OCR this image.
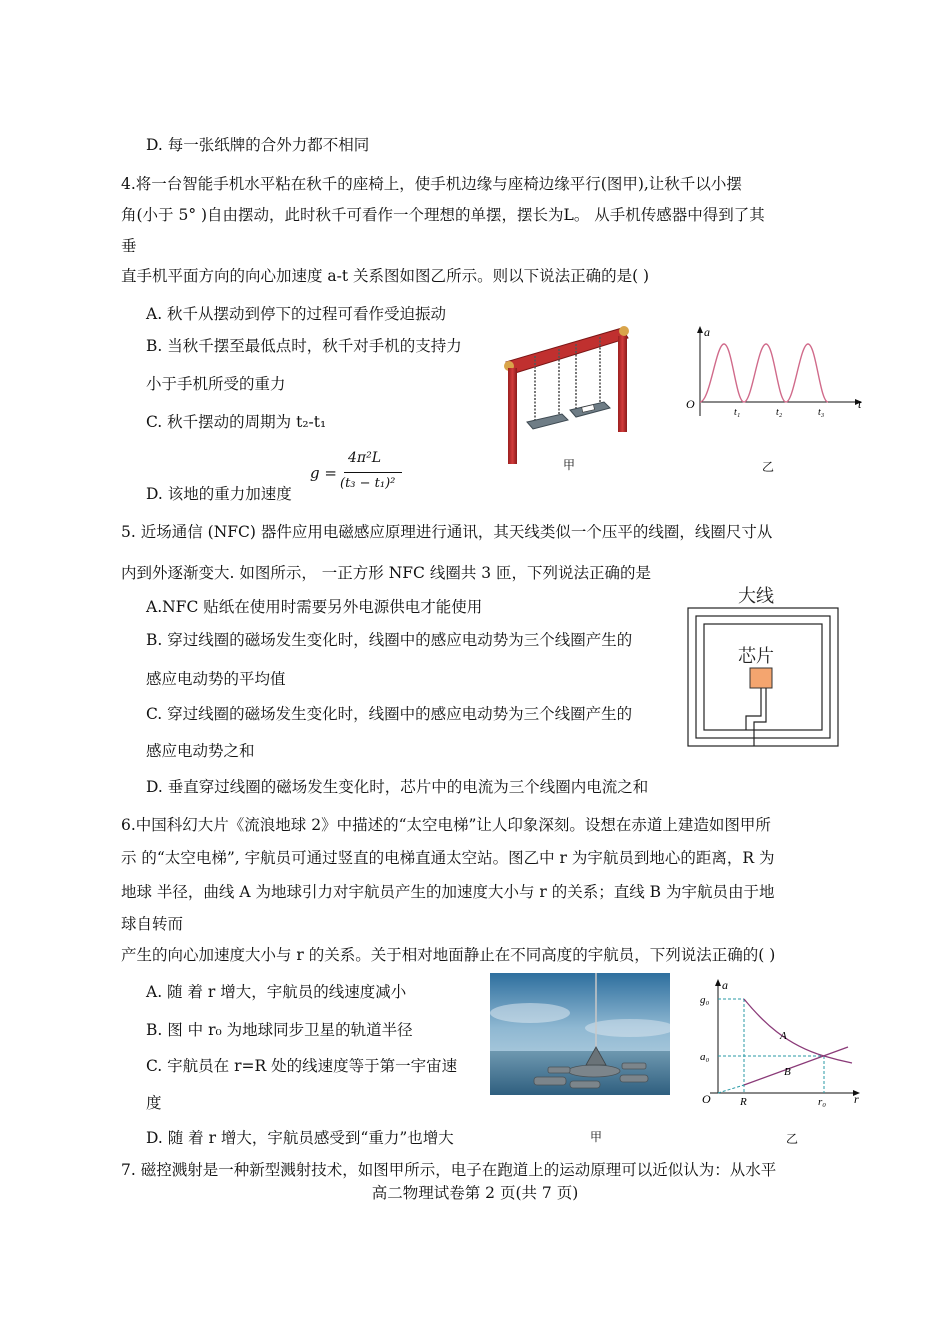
D. 每一张纸牌的合外力都不相同
4.将一台智能手机水平粘在秋千的座椅上，使手机边缘与座椅边缘平行(图甲),让秋千以小摆
角(小于 5° )自由摆动，此时秋千可看作一个理想的单摆，摆长为L。 从手机传感器中得到了其
垂
直手机平面方向的向心加速度 a-t 关系图如图乙所示。则以下说法正确的是( )
A. 秋千从摆动到停下的过程可看作受迫振动
B. 当秋千摆至最低点时，秋千对手机的支持力
小于手机所受的重力
C. 秋千摆动的周期为 t₂-t₁
D. 该地的重力加速度
g =
4π²L
(t₃ − t₁)²
甲
a
t
O
t₁	t₂	t₃
乙
5. 近场通信 (NFC) 器件应用电磁感应原理进行通讯，其天线类似一个压平的线圈，线圈尺寸从
内到外逐渐变大. 如图所示， 一正方形 NFC 线圈共 3 匝，下列说法正确的是
A.NFC 贴纸在使用时需要另外电源供电才能使用
B. 穿过线圈的磁场发生变化时，线圈中的感应电动势为三个线圈产生的
感应电动势的平均值
C. 穿过线圈的磁场发生变化时，线圈中的感应电动势为三个线圈产生的
感应电动势之和
D. 垂直穿过线圈的磁场发生变化时，芯片中的电流为三个线圈内电流之和
大线
芯片
6.中国科幻大片《流浪地球 2》中描述的“太空电梯”让人印象深刻。设想在赤道上建造如图甲所
示 的“太空电梯”, 宇航员可通过竖直的电梯直通太空站。图乙中 r 为宇航员到地心的距离，R 为
地球 半径，曲线 A 为地球引力对宇航员产生的加速度大小与 r 的关系；直线 B 为宇航员由于地
球自转而
产生的向心加速度大小与 r 的关系。关于相对地面静止在不同高度的宇航员，下列说法正确的( )
A. 随 着 r 增大，宇航员的线速度减小
B. 图 中 r₀ 为地球同步卫星的轨道半径
C. 宇航员在 r=R 处的线速度等于第一宇宙速
度
D. 随 着 r 增大，宇航员感受到“重力”也增大	甲
a
r
O
g₀
a₀
R	r₀
A
B
乙
7. 磁控溅射是一种新型溅射技术，如图甲所示，电子在跑道上的运动原理可以近似认为：从水平
高二物理试卷第 2 页(共 7 页)
